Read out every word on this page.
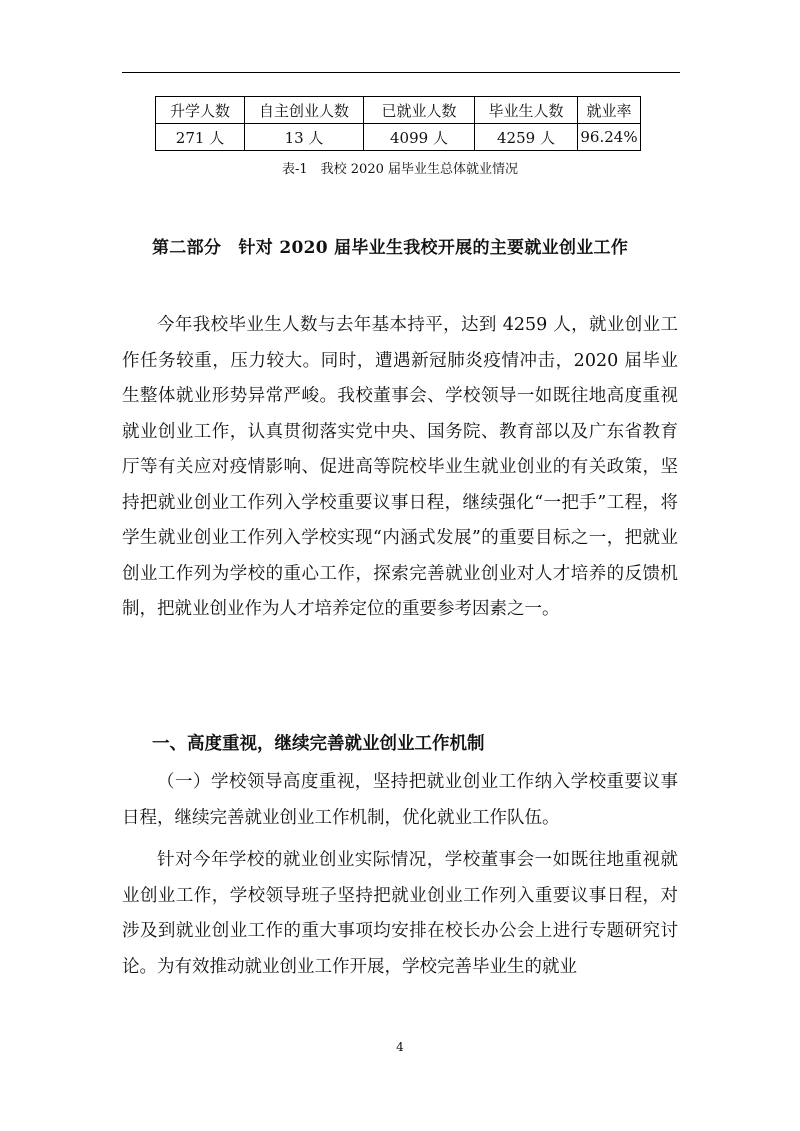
升学人数	自主创业人数	已就业人数	毕业生人数	就业率
271 人	13 人	4099 人	4259 人	96.24%
表-1　我校 2020 届毕业生总体就业情况
第二部分　针对 2020 届毕业生我校开展的主要就业创业工作

今年我校毕业生人数与去年基本持平，达到 4259 人，就业创业工作任务较重，压力较大。同时，遭遇新冠肺炎疫情冲击，2020 届毕业生整体就业形势异常严峻。我校董事会、学校领导一如既往地高度重视就业创业工作，认真贯彻落实党中央、国务院、教育部以及广东省教育厅等有关应对疫情影响、促进高等院校毕业生就业创业的有关政策，坚持把就业创业工作列入学校重要议事日程，继续强化“一把手”工程，将学生就业创业工作列入学校实现“内涵式发展”的重要目标之一，把就业创业工作列为学校的重心工作，探索完善就业创业对人才培养的反馈机制，把就业创业作为人才培养定位的重要参考因素之一。

一、高度重视，继续完善就业创业工作机制

（一）学校领导高度重视，坚持把就业创业工作纳入学校重要议事日程，继续完善就业创业工作机制，优化就业工作队伍。

针对今年学校的就业创业实际情况，学校董事会一如既往地重视就业创业工作，学校领导班子坚持把就业创业工作列入重要议事日程，对涉及到就业创业工作的重大事项均安排在校长办公会上进行专题研究讨论。为有效推动就业创业工作开展，学校完善毕业生的就业

4
